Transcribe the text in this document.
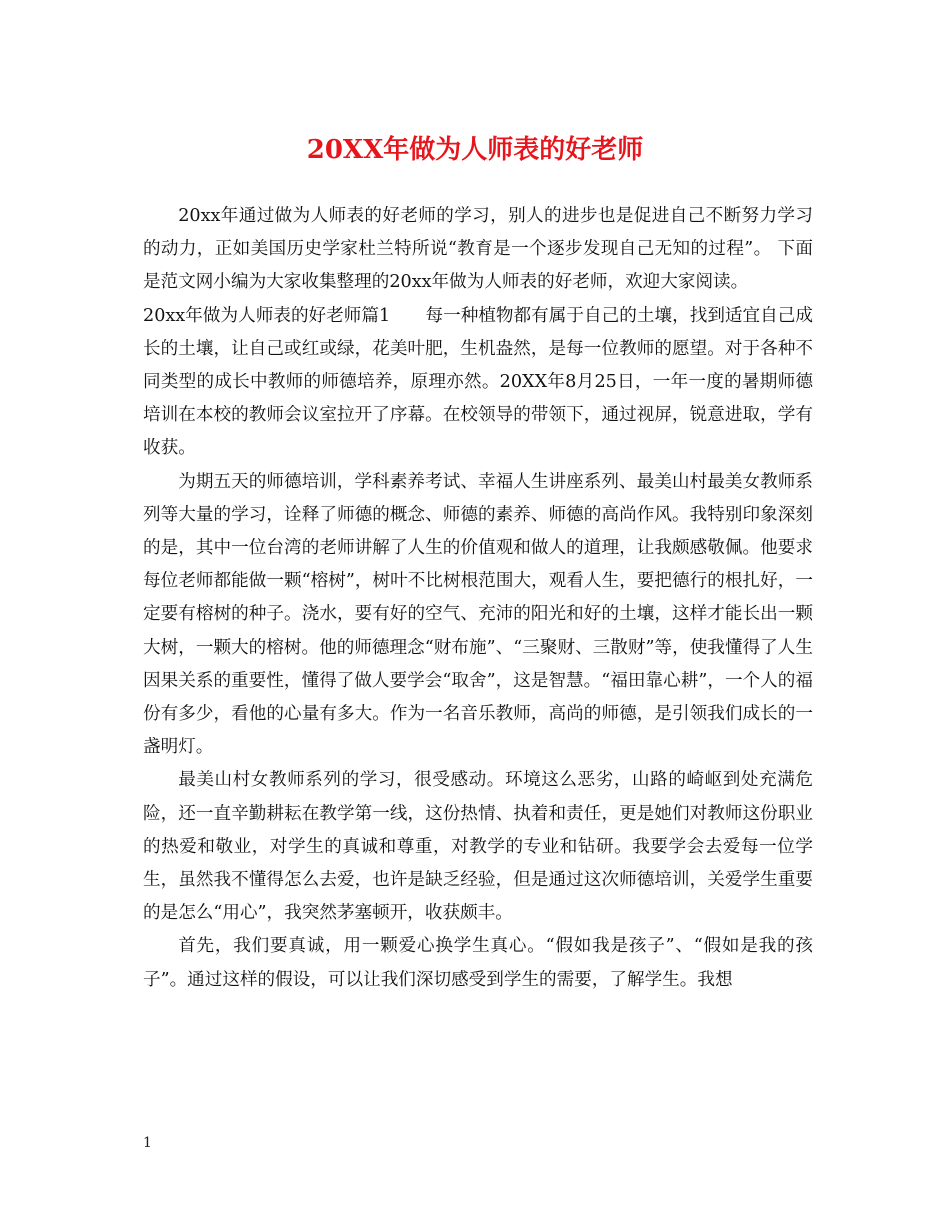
20XX年做为人师表的好老师

20xx年通过做为人师表的好老师的学习，别人的进步也是促进自己不断努力学习的动力，正如美国历史学家杜兰特所说“教育是一个逐步发现自己无知的过程”。 下面是范文网小编为大家收集整理的20xx年做为人师表的好老师，欢迎大家阅读。

20xx年做为人师表的好老师篇1　　每一种植物都有属于自己的土壤，找到适宜自己成长的土壤，让自己或红或绿，花美叶肥，生机盎然，是每一位教师的愿望。对于各种不同类型的成长中教师的师德培养，原理亦然。20XX年8月25日，一年一度的暑期师德培训在本校的教师会议室拉开了序幕。在校领导的带领下，通过视屏，锐意进取，学有收获。

为期五天的师德培训，学科素养考试、幸福人生讲座系列、最美山村最美女教师系列等大量的学习，诠释了师德的概念、师德的素养、师德的高尚作风。我特别印象深刻的是，其中一位台湾的老师讲解了人生的价值观和做人的道理，让我颇感敬佩。他要求每位老师都能做一颗“榕树”，树叶不比树根范围大，观看人生，要把德行的根扎好，一定要有榕树的种子。浇水，要有好的空气、充沛的阳光和好的土壤，这样才能长出一颗大树，一颗大的榕树。他的师德理念“财布施”、“三聚财、三散财”等，使我懂得了人生因果关系的重要性，懂得了做人要学会“取舍”，这是智慧。“福田靠心耕”，一个人的福份有多少，看他的心量有多大。作为一名音乐教师，高尚的师德，是引领我们成长的一盏明灯。

最美山村女教师系列的学习，很受感动。环境这么恶劣，山路的崎岖到处充满危险，还一直辛勤耕耘在教学第一线，这份热情、执着和责任，更是她们对教师这份职业的热爱和敬业，对学生的真诚和尊重，对教学的专业和钻研。我要学会去爱每一位学生，虽然我不懂得怎么去爱，也许是缺乏经验，但是通过这次师德培训，关爱学生重要的是怎么“用心”，我突然茅塞顿开，收获颇丰。

首先，我们要真诚，用一颗爱心换学生真心。“假如我是孩子”、“假如是我的孩子”。通过这样的假设，可以让我们深切感受到学生的需要，了解学生。我想

1
